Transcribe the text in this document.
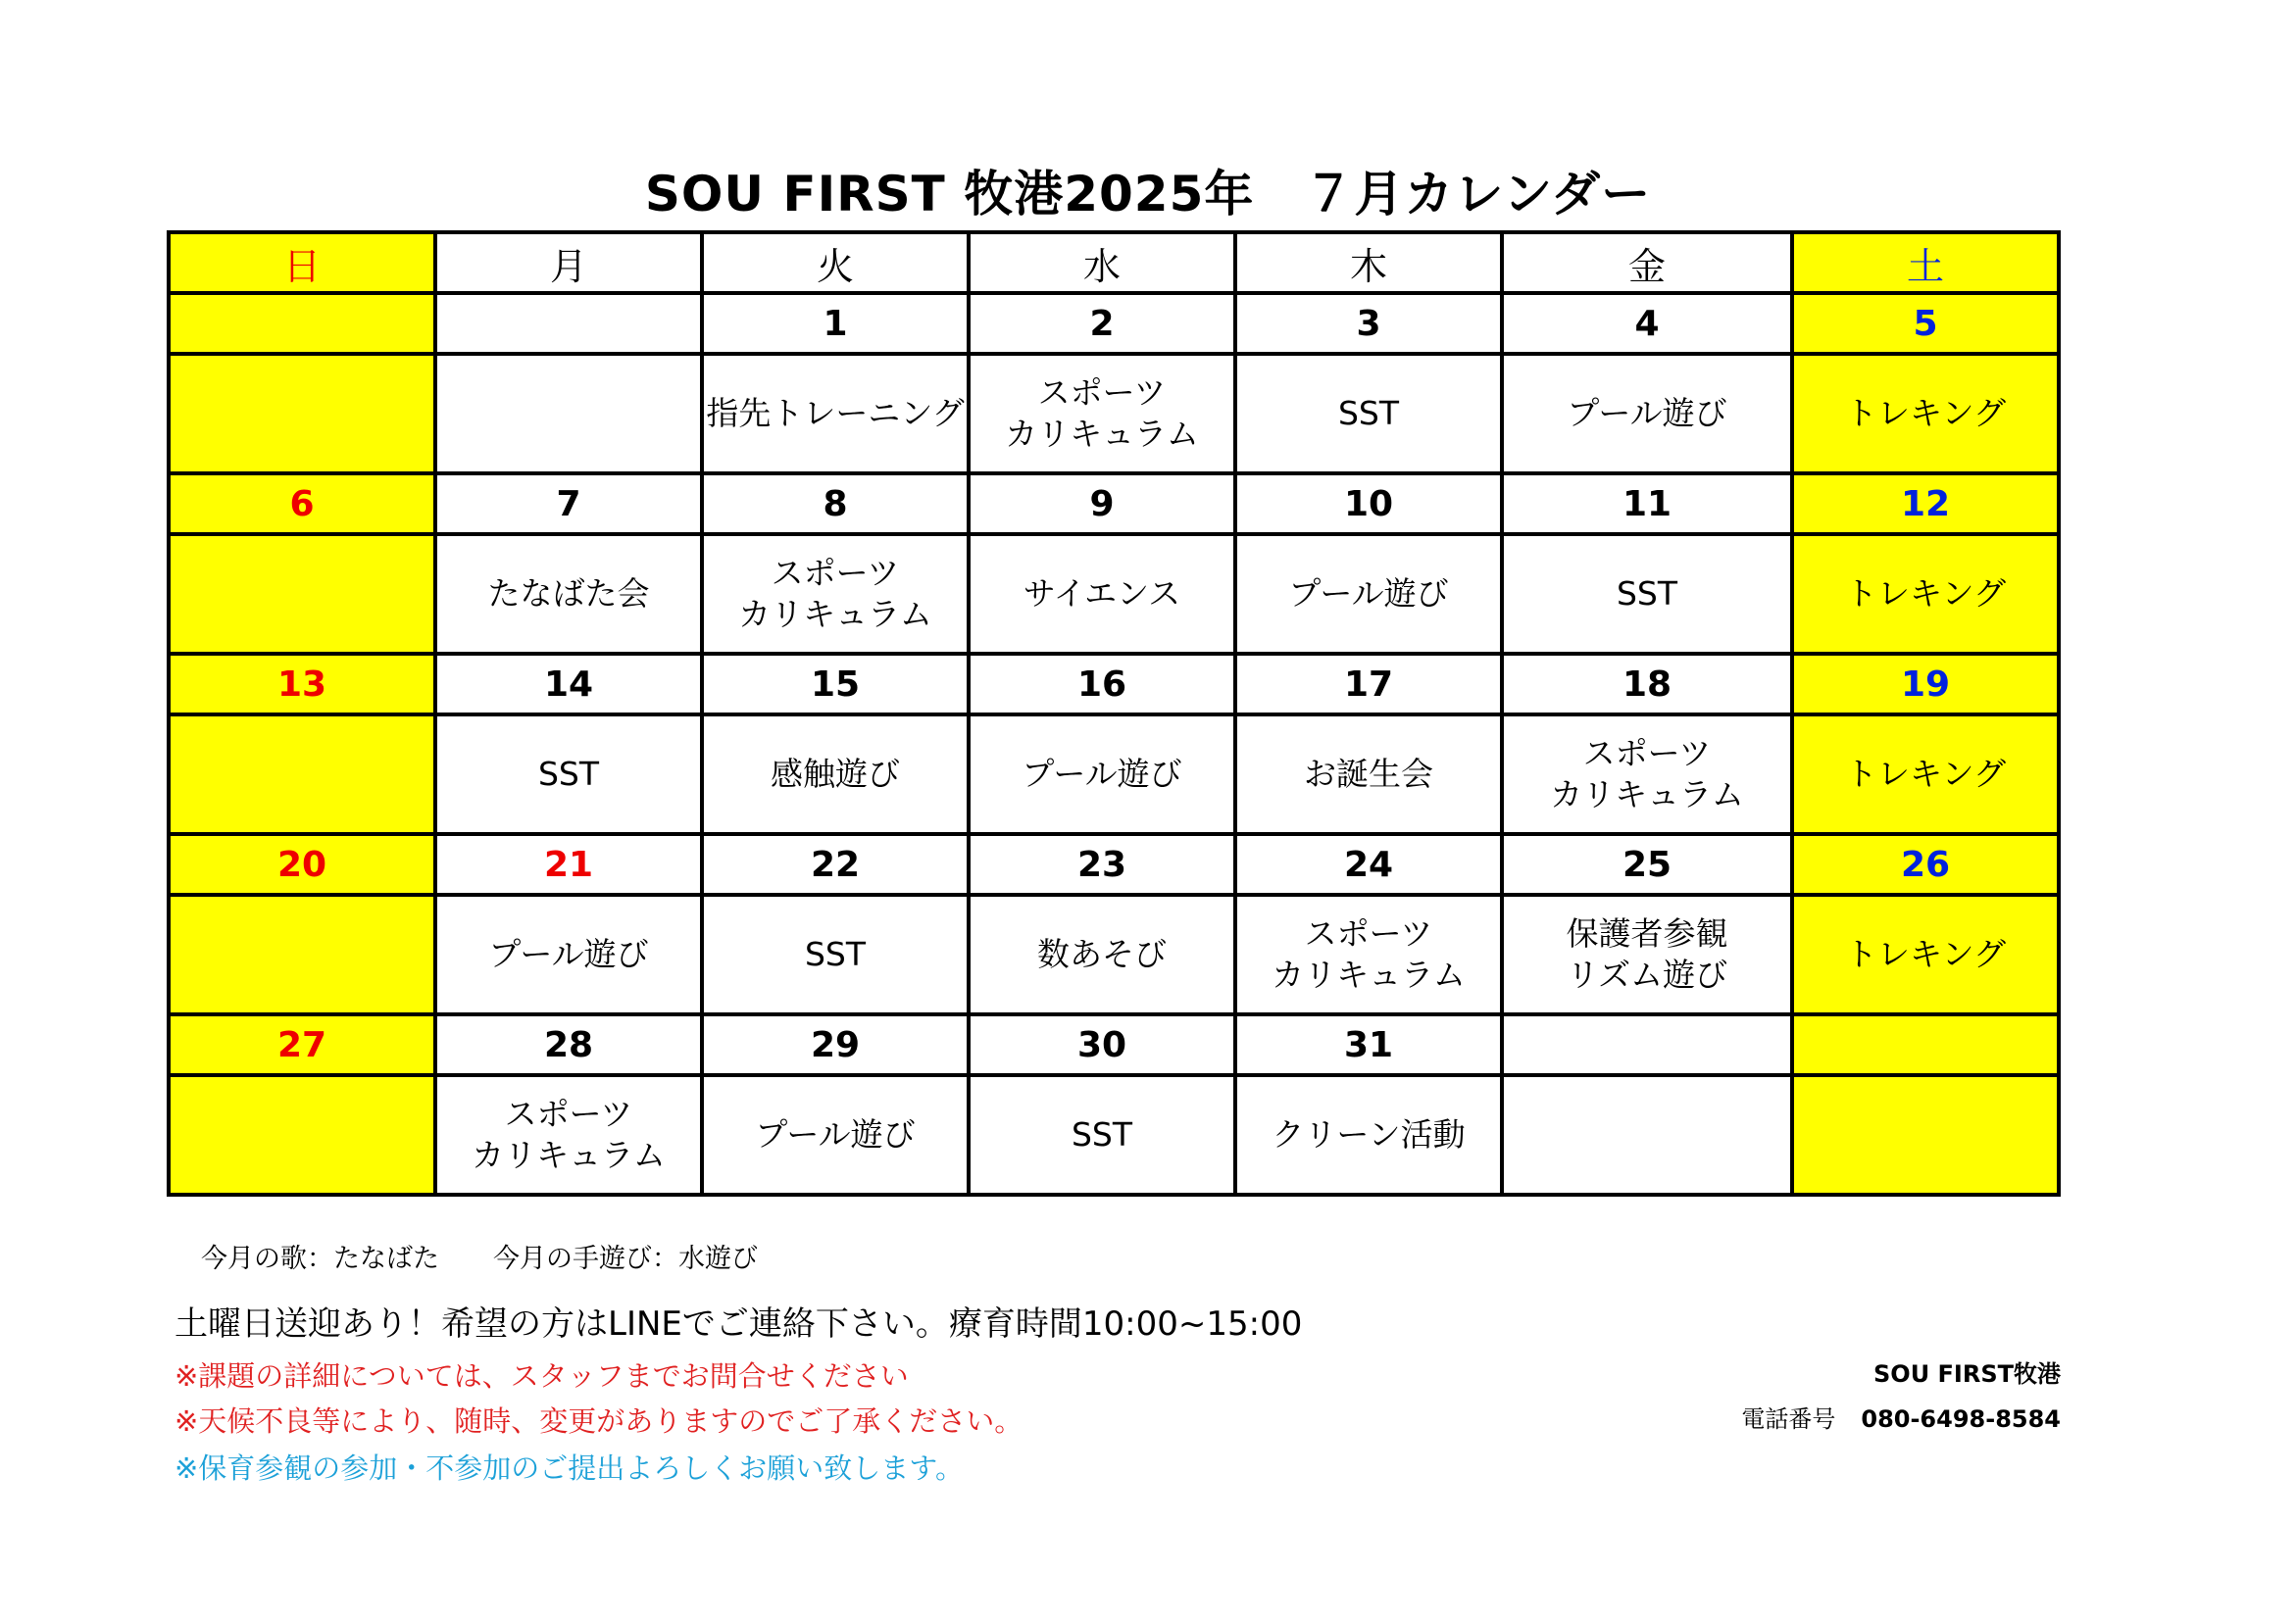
SOU FIRST 牧港2025年　７月カレンダー
日	月	火	水	木	金	土
		1	2	3	4	5
		指先トレーニング	スポーツ
カリキュラム	SST	プール遊び	トレキング
6	7	8	9	10	11	12
	たなばた会	スポーツ
カリキュラム	サイエンス	プール遊び	SST	トレキング
13	14	15	16	17	18	19
	SST	感触遊び	プール遊び	お誕生会	スポーツ
カリキュラム	トレキング
20	21	22	23	24	25	26
	プール遊び	SST	数あそび	スポーツ
カリキュラム	保護者参観
リズム遊び	トレキング
27	28	29	30	31		
	スポーツ
カリキュラム	プール遊び	SST	クリーン活動		
今月の歌：たなばた 今月の手遊び：水遊び
土曜日送迎あり！希望の方はLINEでご連絡下さい。療育時間10:00~15:00
※課題の詳細については、スタッフまでお問合せください
※天候不良等により、随時、変更がありますのでご了承ください。
※保育参観の参加・不参加のご提出よろしくお願い致します。
SOU FIRST牧港
電話番号 080-6498-8584
